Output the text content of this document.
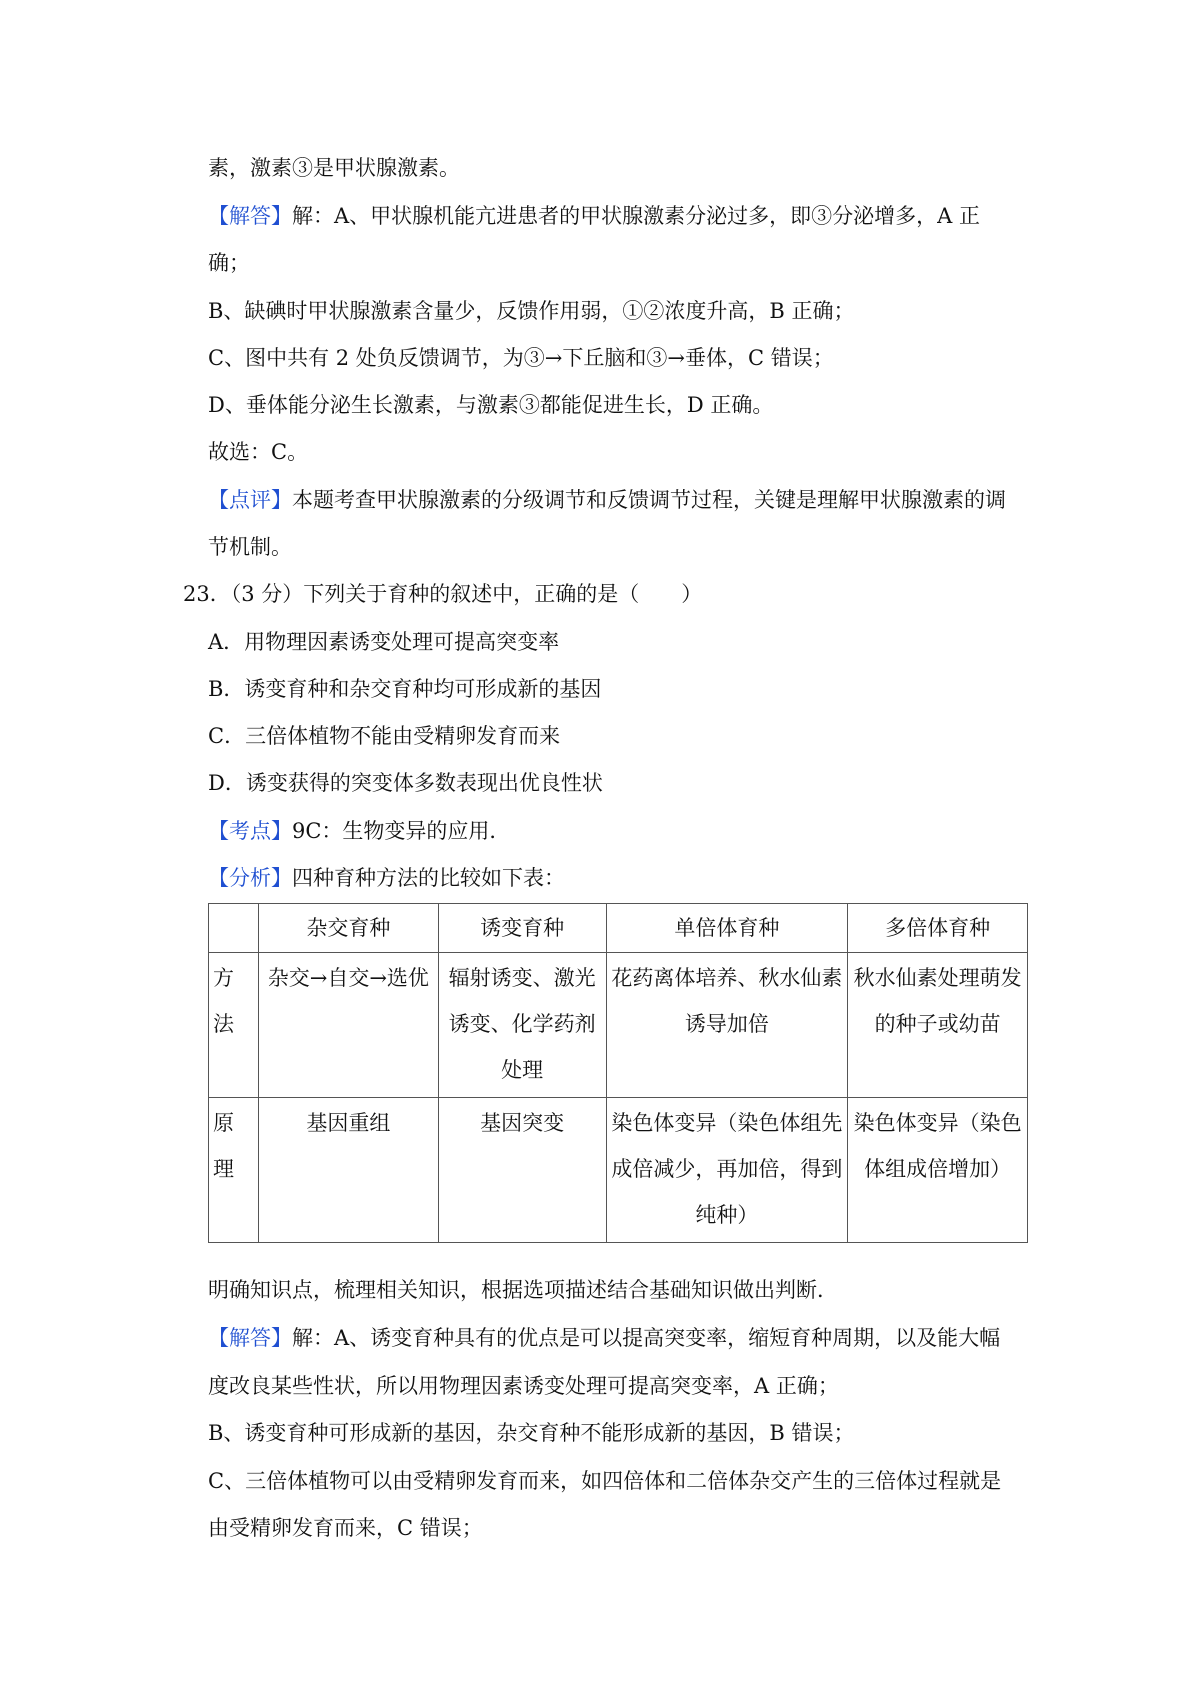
素，激素③是甲状腺激素。
【解答】解：A、甲状腺机能亢进患者的甲状腺激素分泌过多，即③分泌增多，A 正
确；
B、缺碘时甲状腺激素含量少，反馈作用弱，①②浓度升高，B 正确；
C、图中共有 2 处负反馈调节，为③→下丘脑和③→垂体，C 错误；
D、垂体能分泌生长激素，与激素③都能促进生长，D 正确。
故选：C。
【点评】本题考查甲状腺激素的分级调节和反馈调节过程，关键是理解甲状腺激素的调
节机制。
23．（3 分）下列关于育种的叙述中，正确的是（　　）
A．用物理因素诱变处理可提高突变率
B．诱变育种和杂交育种均可形成新的基因
C．三倍体植物不能由受精卵发育而来
D．诱变获得的突变体多数表现出优良性状
【考点】9C：生物变异的应用．
【分析】四种育种方法的比较如下表：
	杂交育种	诱变育种	单倍体育种	多倍体育种
方法	杂交→自交→选优	辐射诱变、激光诱变、化学药剂处理	花药离体培养、秋水仙素诱导加倍	秋水仙素处理萌发的种子或幼苗
原理	基因重组	基因突变	染色体变异（染色体组先成倍减少，再加倍，得到纯种）	染色体变异（染色体组成倍增加）
明确知识点，梳理相关知识，根据选项描述结合基础知识做出判断．
【解答】解：A、诱变育种具有的优点是可以提高突变率，缩短育种周期，以及能大幅
度改良某些性状，所以用物理因素诱变处理可提高突变率，A 正确；
B、诱变育种可形成新的基因，杂交育种不能形成新的基因，B 错误；
C、三倍体植物可以由受精卵发育而来，如四倍体和二倍体杂交产生的三倍体过程就是
由受精卵发育而来，C 错误；
